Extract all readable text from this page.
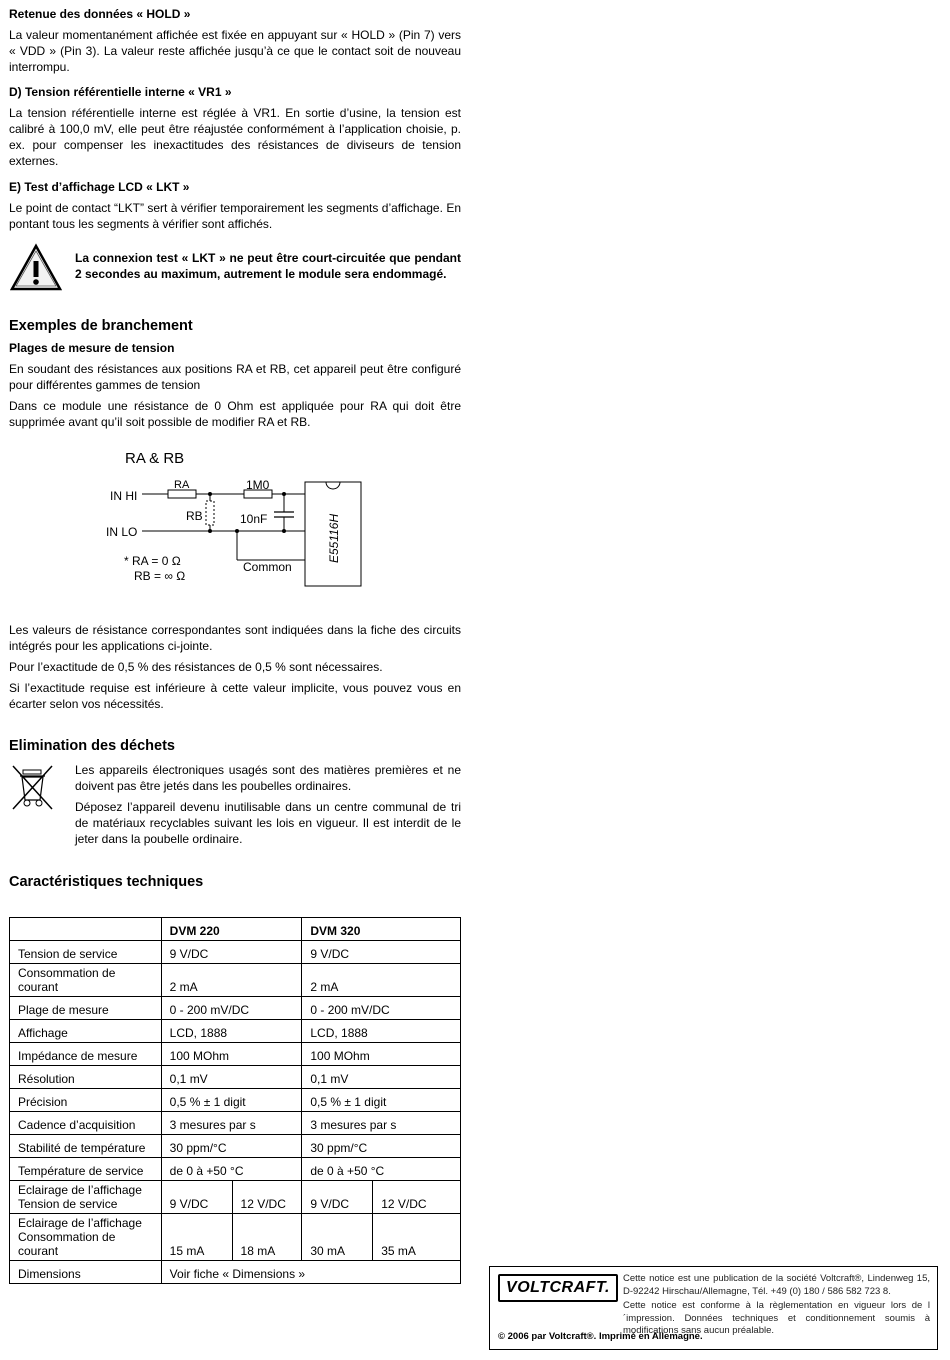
Retenue des données « HOLD »

La valeur momentanément affichée est fixée en appuyant sur « HOLD » (Pin 7) vers « VDD » (Pin 3). La valeur reste affichée jusqu’à ce que le contact soit de nouveau interrompu.

D) Tension référentielle interne « VR1 »

La tension référentielle interne est réglée à VR1. En sortie d’usine, la tension est calibré à 100,0 mV, elle peut être réajustée conformément à l’application choisie, p. ex. pour compenser les inexactitudes des résistances de diviseurs de tension externes.

E) Test d’affichage LCD « LKT »

Le point de contact “LKT” sert à vérifier temporairement les segments d’affichage. En pontant tous les segments à vérifier sont affichés.

La connexion test « LKT » ne peut être court-circuitée que pendant 2 secondes au maximum, autrement le module sera endommagé.

Exemples de branchement

Plages de mesure de tension

En soudant des résistances aux positions RA et RB, cet appareil peut être configuré pour différentes gammes de tension

Dans ce module une résistance de 0 Ohm est appliquée pour RA qui doit être supprimée avant qu’il soit possible de modifier RA et RB.

RA & RB
IN HI
IN LO
RA	1M0
RB	10nF
Common
E55116H
* RA = 0 Ω
RB = ∞ Ω

Les valeurs de résistance correspondantes sont indiquées dans la fiche des circuits intégrés pour les applications ci-jointe.

Pour l’exactitude de 0,5 % des résistances de 0,5 % sont nécessaires.

Si l’exactitude requise est inférieure à cette valeur implicite, vous pouvez vous en écarter selon vos nécessités.

Elimination des déchets

Les appareils électroniques usagés sont des matières premières et ne doivent pas être jetés dans les poubelles ordinaires.

Déposez l’appareil devenu inutilisable dans un centre communal de tri de matériaux recyclables suivant les lois en vigueur. Il est interdit de le jeter dans la poubelle ordinaire.

Caractéristiques techniques

	DVM 220		DVM 320	
Tension de service	9 V/DC		9 V/DC	
Consommation de courant	2 mA		2 mA	
Plage de mesure	0 - 200 mV/DC		0 - 200 mV/DC	
Affichage	LCD, 1888		LCD, 1888	
Impédance de mesure	100 MOhm		100 MOhm	
Résolution	0,1 mV		0,1 mV	
Précision	0,5 % ± 1 digit		0,5 % ± 1 digit	
Cadence d’acquisition	3 mesures par s		3 mesures par s	
Stabilité de température	30 ppm/°C		30 ppm/°C	
Température de service	de 0 à +50 °C		de 0 à +50 °C	

Eclairage de l’affichage
Tension de service	9 V/DC	12 V/DC	9 V/DC	12 V/DC

Eclairage de l’affichage
Consommation de courant	15 mA	18 mA	30 mA	35 mA
Dimensions	Voir fiche « Dimensions »			
VOLTCRAFT.
Cette notice est une publication de la société Voltcraft®, Lindenweg 15, D-92242 Hirschau/Allemagne, Tél. +49 (0) 180 / 586 582 723 8.
Cette notice est conforme à la règlementation en vigueur lors de l´impression. Données techniques et conditionnement soumis à modifications sans aucun préalable.
© 2006 par Voltcraft®. Imprimé en Allemagne.
